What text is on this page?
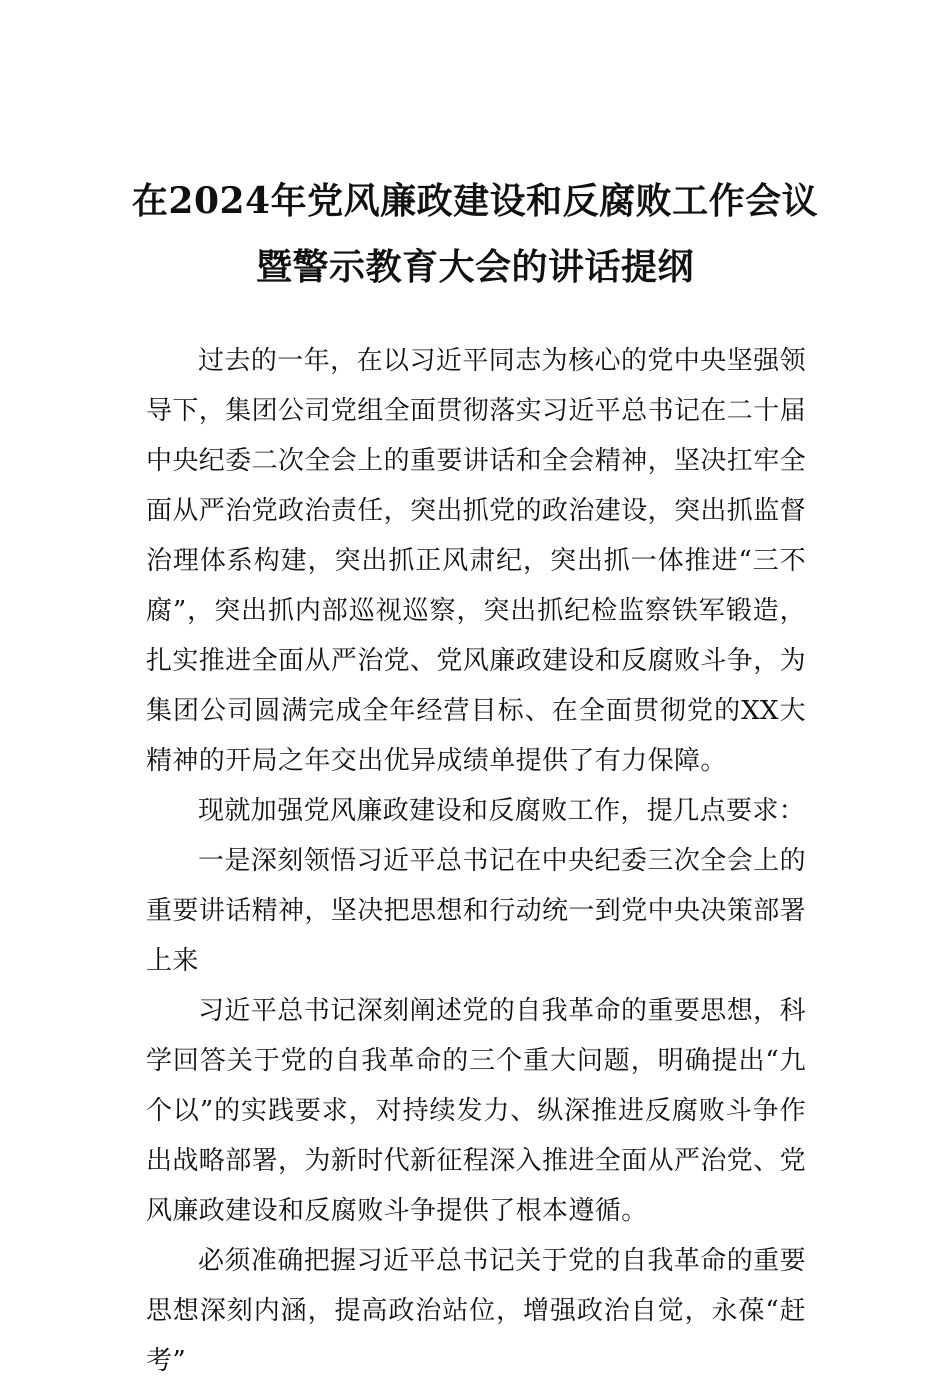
在2024年党风廉政建设和反腐败工作会议
暨警示教育大会的讲话提纲

过去的一年，在以习近平同志为核心的党中央坚强领导下，集团公司党组全面贯彻落实习近平总书记在二十届中央纪委二次全会上的重要讲话和全会精神，坚决扛牢全面从严治党政治责任，突出抓党的政治建设，突出抓监督治理体系构建，突出抓正风肃纪，突出抓一体推进“三不腐”，突出抓内部巡视巡察，突出抓纪检监察铁军锻造，扎实推进全面从严治党、党风廉政建设和反腐败斗争，为集团公司圆满完成全年经营目标、在全面贯彻党的XX大精神的开局之年交出优异成绩单提供了有力保障。

现就加强党风廉政建设和反腐败工作，提几点要求：

一是深刻领悟习近平总书记在中央纪委三次全会上的重要讲话精神，坚决把思想和行动统一到党中央决策部署上来

习近平总书记深刻阐述党的自我革命的重要思想，科学回答关于党的自我革命的三个重大问题，明确提出“九个以”的实践要求，对持续发力、纵深推进反腐败斗争作出战略部署，为新时代新征程深入推进全面从严治党、党风廉政建设和反腐败斗争提供了根本遵循。

必须准确把握习近平总书记关于党的自我革命的重要思想深刻内涵，提高政治站位，增强政治自觉，永葆“赶考”
